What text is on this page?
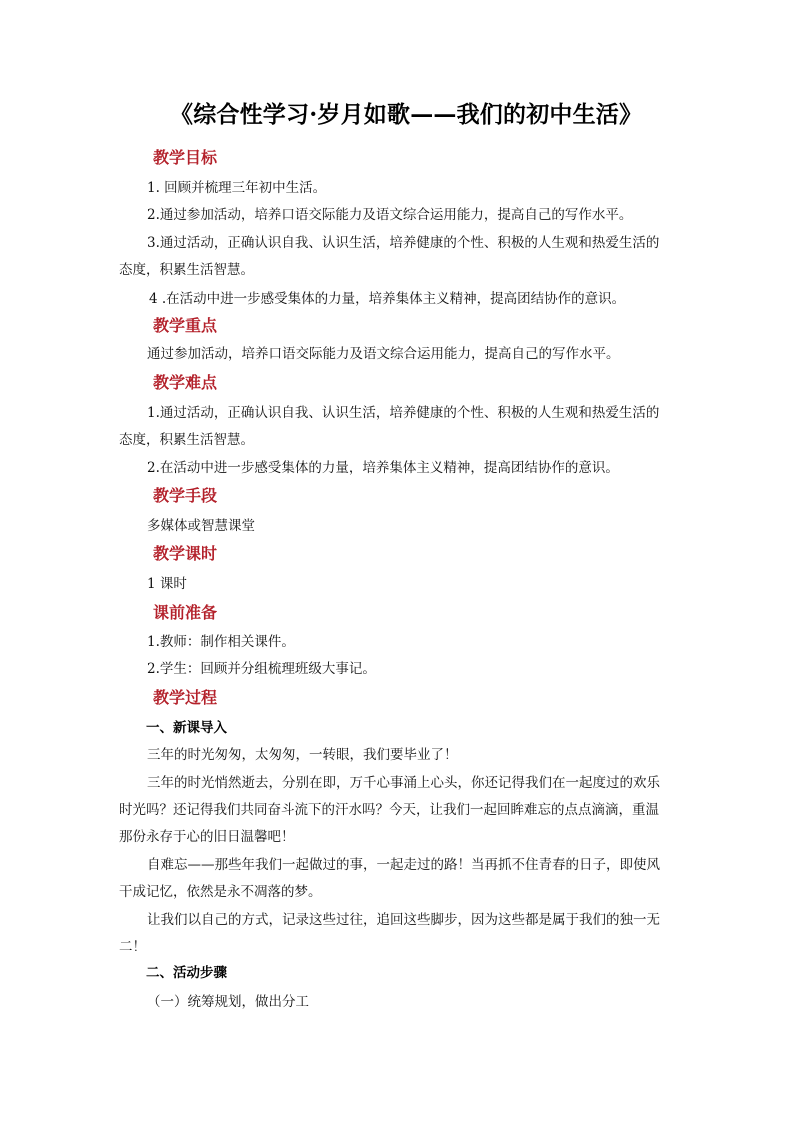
《综合性学习·岁月如歌——我们的初中生活》
教学目标
1. 回顾并梳理三年初中生活。
2.通过参加活动，培养口语交际能力及语文综合运用能力，提高自己的写作水平。
3.通过活动，正确认识自我、认识生活，培养健康的个性、积极的人生观和热爱生活的
态度，积累生活智慧。
4 .在活动中进一步感受集体的力量，培养集体主义精神，提高团结协作的意识。
教学重点
通过参加活动，培养口语交际能力及语文综合运用能力，提高自己的写作水平。
教学难点
1.通过活动，正确认识自我、认识生活，培养健康的个性、积极的人生观和热爱生活的
态度，积累生活智慧。
2.在活动中进一步感受集体的力量，培养集体主义精神，提高团结协作的意识。
教学手段
多媒体或智慧课堂
教学课时
1 课时
课前准备
1.教师：制作相关课件。
2.学生：回顾并分组梳理班级大事记。
教学过程
一、新课导入
三年的时光匆匆，太匆匆，一转眼，我们要毕业了！
三年的时光悄然逝去，分别在即，万千心事涌上心头，你还记得我们在一起度过的欢乐
时光吗？还记得我们共同奋斗流下的汗水吗？今天，让我们一起回眸难忘的点点滴滴，重温
那份永存于心的旧日温馨吧！
自难忘——那些年我们一起做过的事，一起走过的路！当再抓不住青春的日子，即使风
干成记忆，依然是永不凋落的梦。
让我们以自己的方式，记录这些过往，追回这些脚步，因为这些都是属于我们的独一无
二！
二、活动步骤
（一）统筹规划，做出分工
